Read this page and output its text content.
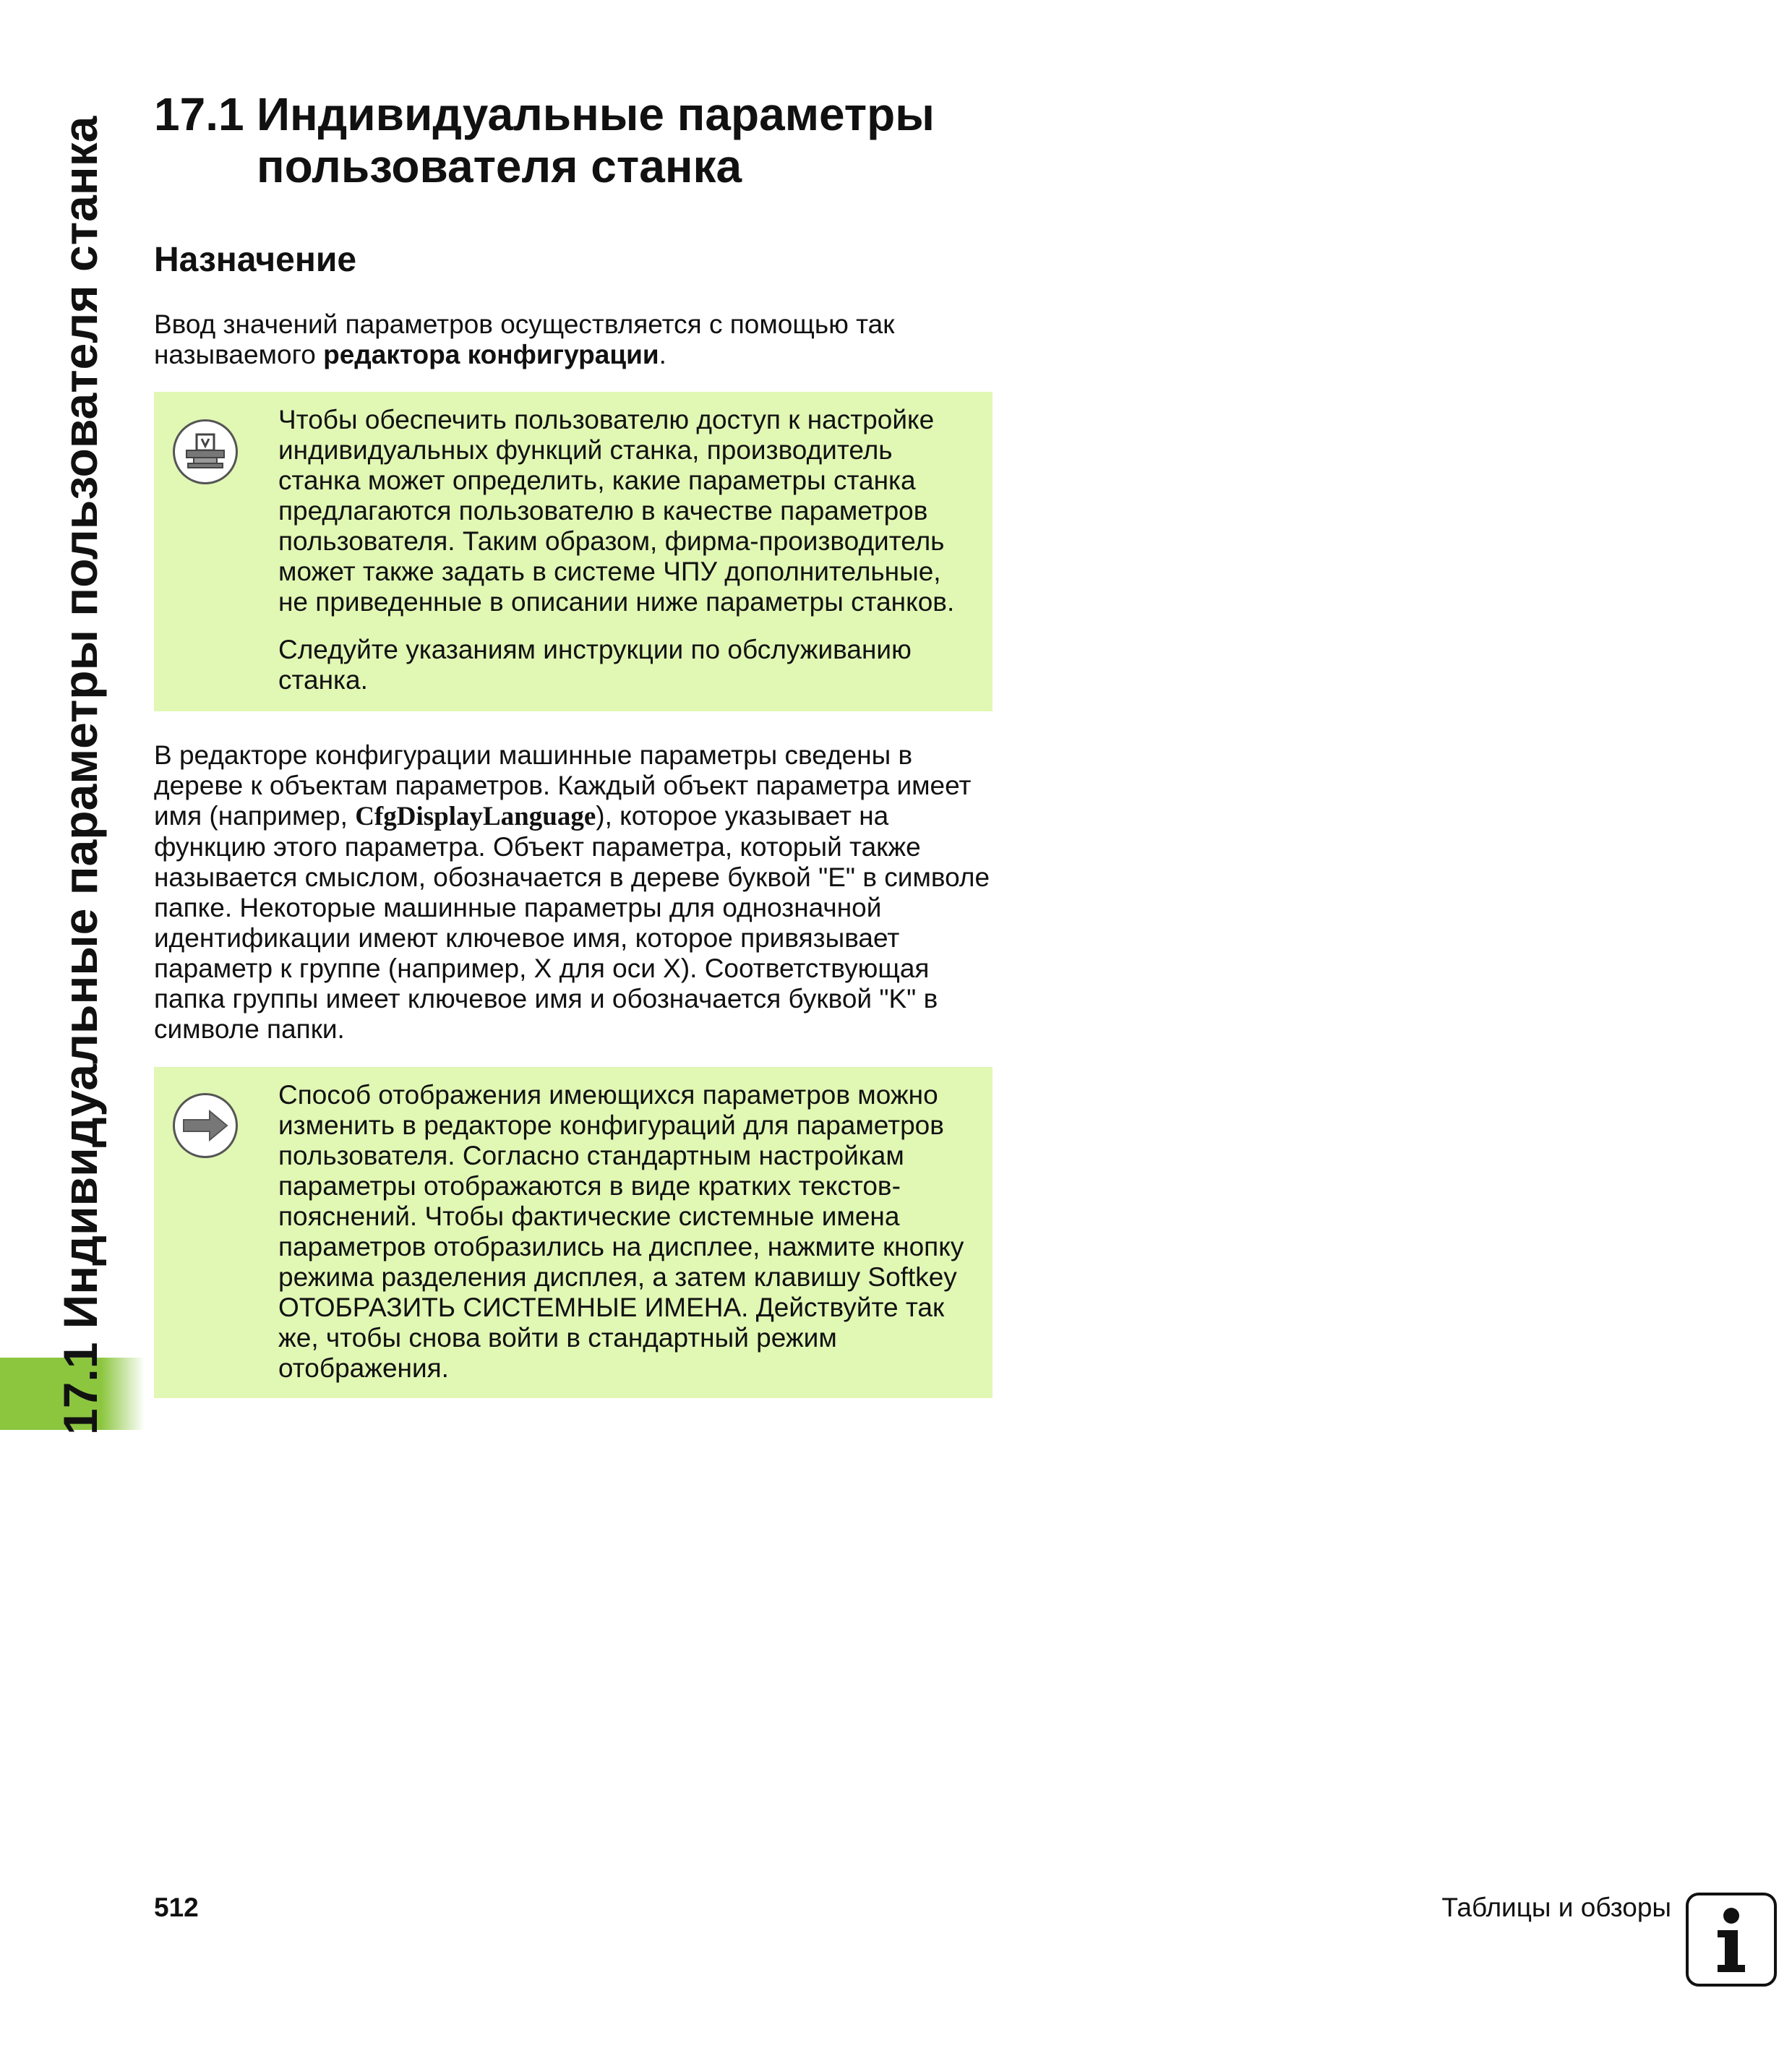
17.1 Индивидуальные параметры пользователя станка
17.1 Индивидуальные параметры
пользователя станка
Назначение

Ввод значений параметров осуществляется с помощью так называемого редактора конфигурации.

Чтобы обеспечить пользователю доступ к настройке индивидуальных функций станка, производитель станка может определить, какие параметры станка предлагаются пользователю в качестве параметров пользователя. Таким образом, фирма-производитель может также задать в системе ЧПУ дополнительные, не приведенные в описании ниже параметры станков.

Следуйте указаниям инструкции по обслуживанию станка.

В редакторе конфигурации машинные параметры сведены в дереве к объектам параметров. Каждый объект параметра имеет имя (например, CfgDisplayLanguage), которое указывает на функцию этого параметра. Объект параметра, который также называется смыслом, обозначается в дереве буквой "E" в символе папке. Некоторые машинные параметры для однозначной идентификации имеют ключевое имя, которое привязывает параметр к группе (например, X для оси X). Соответствующая папка группы имеет ключевое имя и обозначается буквой "K" в символе папки.

Способ отображения имеющихся параметров можно изменить в редакторе конфигураций для параметров пользователя. Согласно стандартным настройкам параметры отображаются в виде кратких текстов-пояснений. Чтобы фактические системные имена параметров отобразились на дисплее, нажмите кнопку режима разделения дисплея, а затем клавишу Softkey ОТОБРАЗИТЬ СИСТЕМНЫЕ ИМЕНА. Действуйте так же, чтобы снова войти в стандартный режим отображения.

512	Таблицы и обзоры
